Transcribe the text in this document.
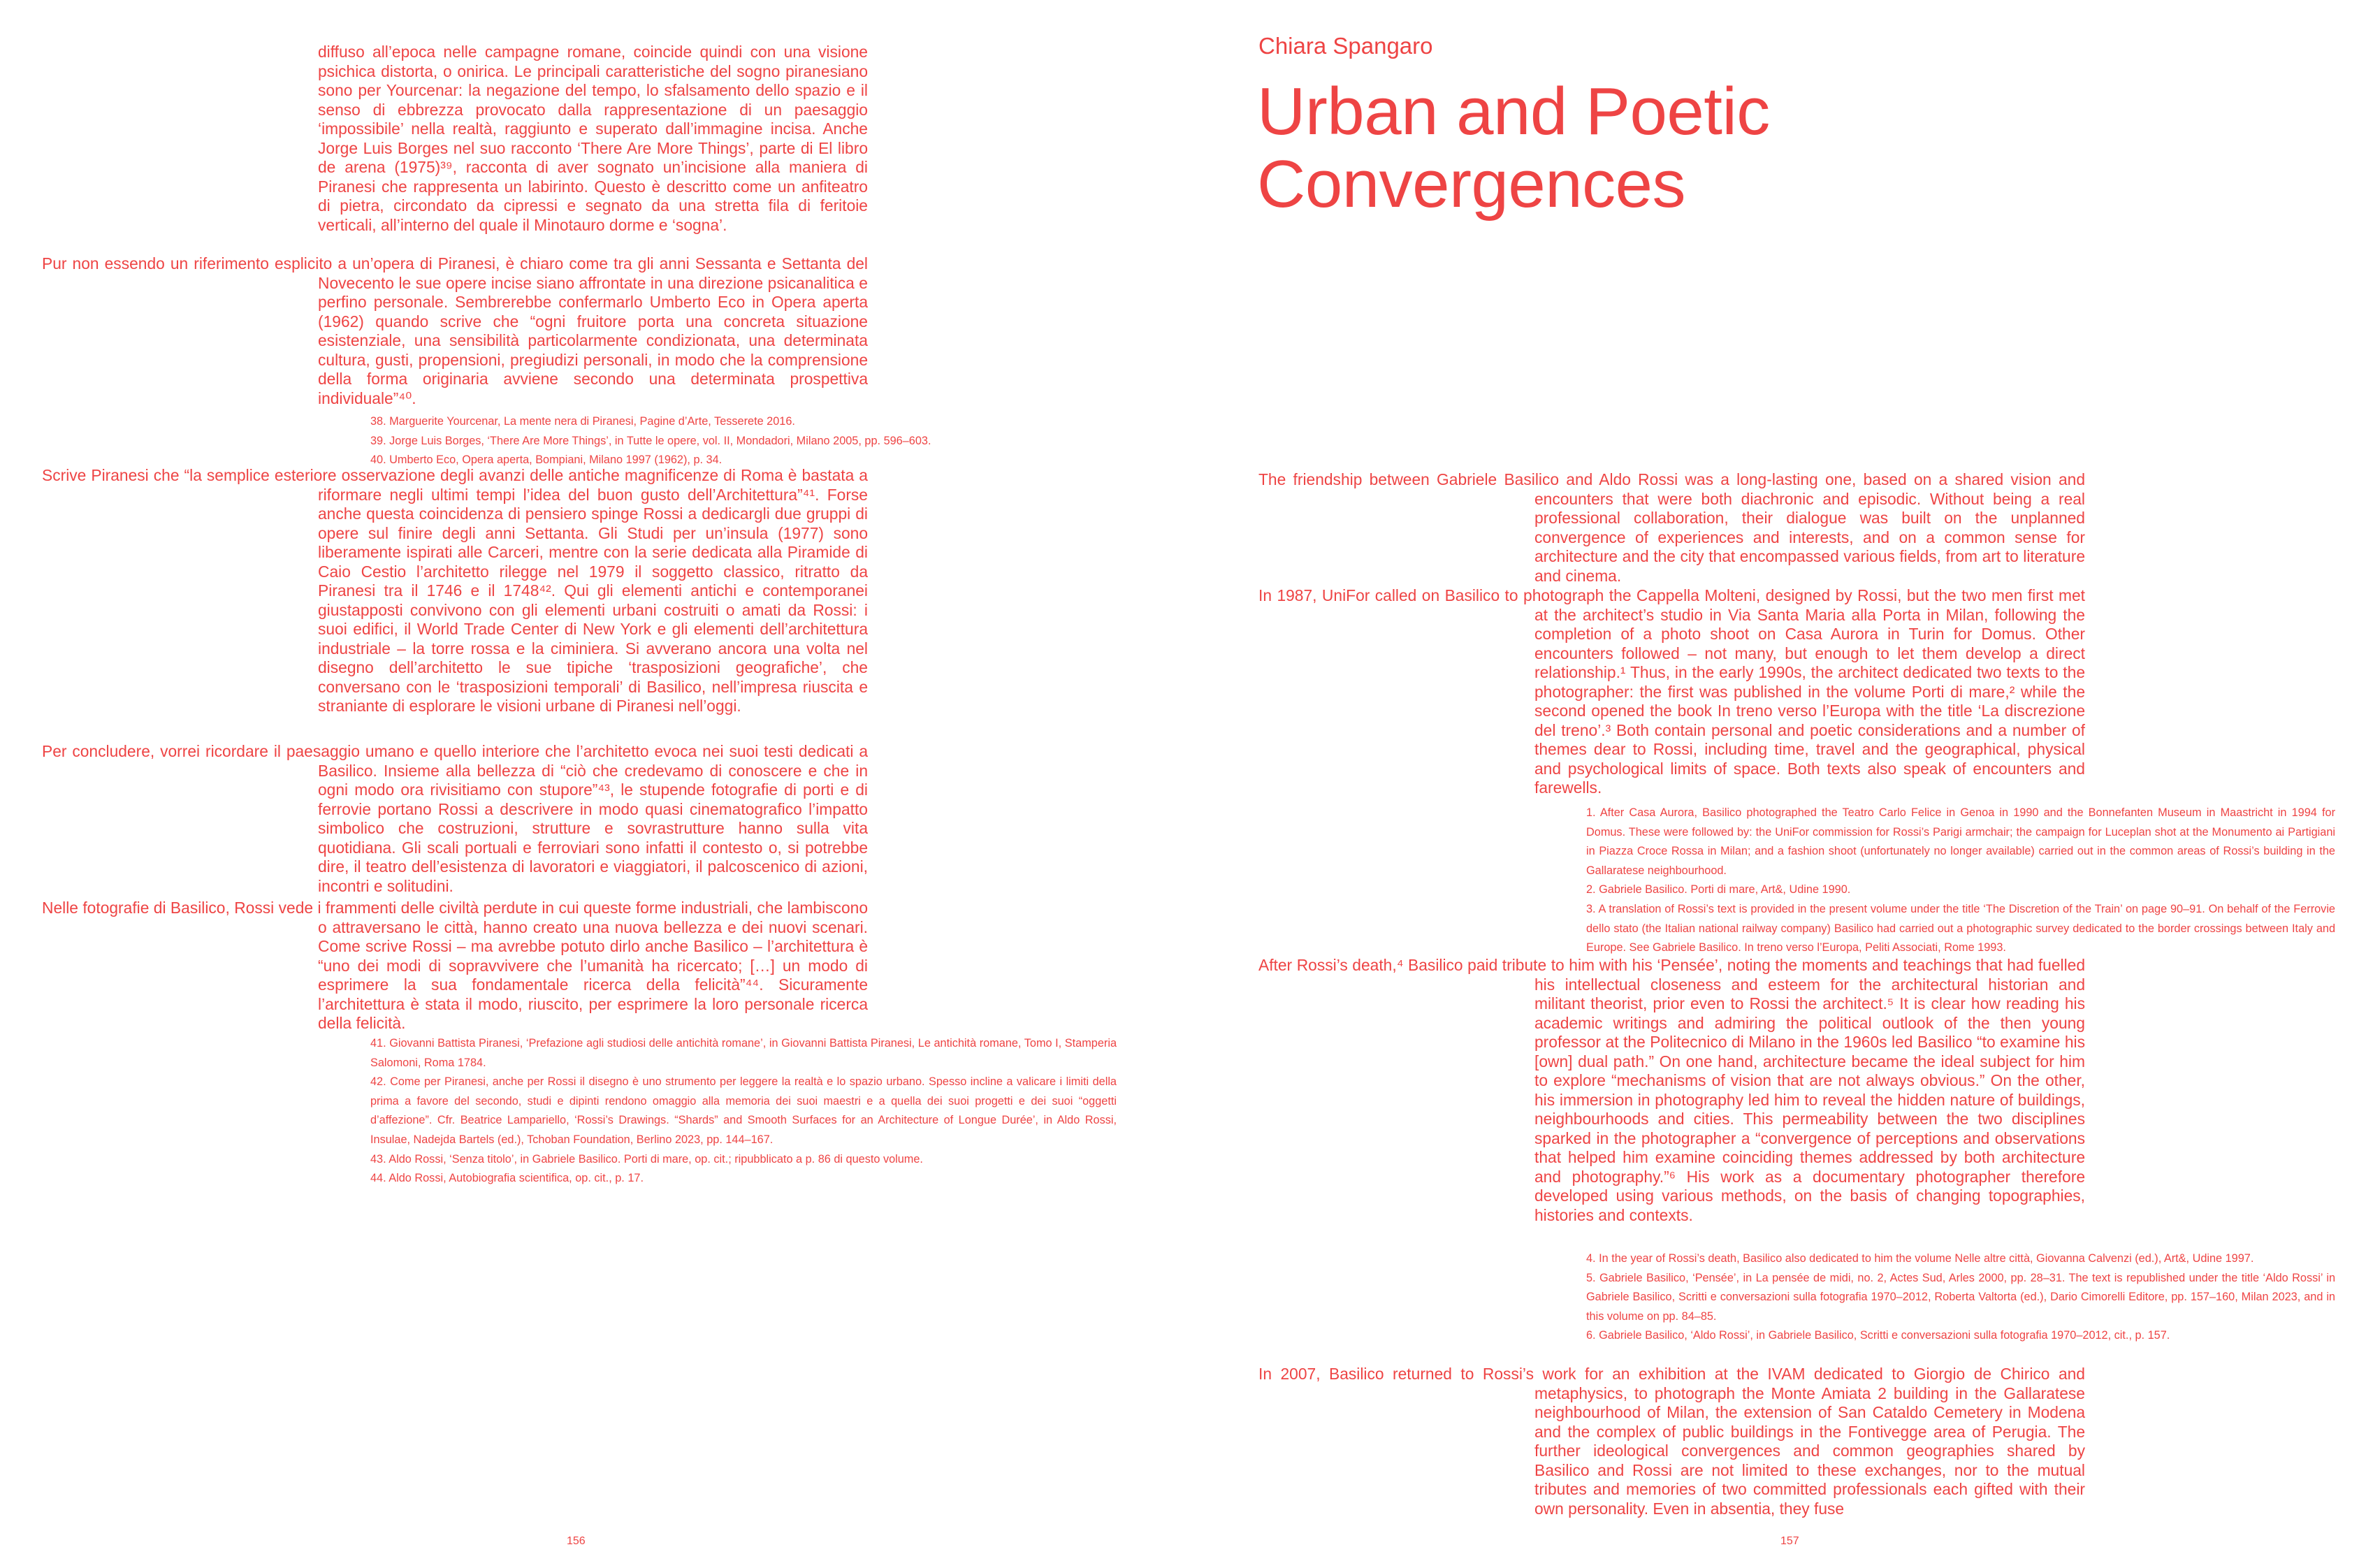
diffuso all’epoca nelle campagne romane, coincide quindi con una visione psichica distorta, o onirica. Le principali caratteristiche del sogno piranesiano sono per Yourcenar: la negazione del tempo, lo sfalsamento dello spazio e il senso di ebbrezza provocato dalla rappresentazione di un paesaggio ‘impossibile’ nella realtà, raggiunto e superato dall’immagine incisa. Anche Jorge Luis Borges nel suo racconto ‘There Are More Things’, parte di El libro de arena (1975)³⁹, racconta di aver sognato un’incisione alla maniera di Piranesi che rappresenta un labirinto. Questo è descritto come un anfiteatro di pietra, circondato da cipressi e segnato da una stretta fila di feritoie verticali, all’interno del quale il Minotauro dorme e ‘sogna’.

Pur non essendo un riferimento esplicito a un’opera di Piranesi, è chiaro come tra gli anni Sessanta e Settanta del Novecento le sue opere incise siano affrontate in una direzione psicanalitica e perfino personale. Sembrerebbe confermarlo Umberto Eco in Opera aperta (1962) quando scrive che “ogni fruitore porta una concreta situazione esistenziale, una sensibilità particolarmente condizionata, una determinata cultura, gusti, propensioni, pregiudizi personali, in modo che la comprensione della forma originaria avviene secondo una determinata prospettiva individuale”⁴⁰.

38. Marguerite Yourcenar, La mente nera di Piranesi, Pagine d’Arte, Tesserete 2016.

39. Jorge Luis Borges, ‘There Are More Things’, in Tutte le opere, vol. II, Mondadori, Milano 2005, pp. 596–603.

40. Umberto Eco, Opera aperta, Bompiani, Milano 1997 (1962), p. 34.

Scrive Piranesi che “la semplice esteriore osservazione degli avanzi delle antiche magnificenze di Roma è bastata a riformare negli ultimi tempi l’idea del buon gusto dell’Architettura”⁴¹. Forse anche questa coincidenza di pensiero spinge Rossi a dedicargli due gruppi di opere sul finire degli anni Settanta. Gli Studi per un’insula (1977) sono liberamente ispirati alle Carceri, mentre con la serie dedicata alla Piramide di Caio Cestio l’architetto rilegge nel 1979 il soggetto classico, ritratto da Piranesi tra il 1746 e il 1748⁴². Qui gli elementi antichi e contemporanei giustapposti convivono con gli elementi urbani costruiti o amati da Rossi: i suoi edifici, il World Trade Center di New York e gli elementi dell’architettura industriale – la torre rossa e la ciminiera. Si avverano ancora una volta nel disegno dell’architetto le sue tipiche ‘trasposizioni geografiche’, che conversano con le ‘trasposizioni temporali’ di Basilico, nell’impresa riuscita e straniante di esplorare le visioni urbane di Piranesi nell’oggi.

Per concludere, vorrei ricordare il paesaggio umano e quello interiore che l’architetto evoca nei suoi testi dedicati a Basilico. Insieme alla bellezza di “ciò che credevamo di conoscere e che in ogni modo ora rivisitiamo con stupore”⁴³, le stupende fotografie di porti e di ferrovie portano Rossi a descrivere in modo quasi cinematografico l’impatto simbolico che costruzioni, strutture e sovrastrutture hanno sulla vita quotidiana. Gli scali portuali e ferroviari sono infatti il contesto o, si potrebbe dire, il teatro dell’esistenza di lavoratori e viaggiatori, il palcoscenico di azioni, incontri e solitudini.

Nelle fotografie di Basilico, Rossi vede i frammenti delle civiltà perdute in cui queste forme industriali, che lambiscono o attraversano le città, hanno creato una nuova bellezza e dei nuovi scenari. Come scrive Rossi – ma avrebbe potuto dirlo anche Basilico – l’architettura è “uno dei modi di sopravvivere che l’umanità ha ricercato; […] un modo di esprimere la sua fondamentale ricerca della felicità”⁴⁴. Sicuramente l’architettura è stata il modo, riuscito, per esprimere la loro personale ricerca della felicità.

41. Giovanni Battista Piranesi, ‘Prefazione agli studiosi delle antichità romane’, in Giovanni Battista Piranesi, Le antichità romane, Tomo I, Stamperia Salomoni, Roma 1784.

42. Come per Piranesi, anche per Rossi il disegno è uno strumento per leggere la realtà e lo spazio urbano. Spesso incline a valicare i limiti della prima a favore del secondo, studi e dipinti rendono omaggio alla memoria dei suoi maestri e a quella dei suoi progetti e dei suoi “oggetti d’affezione”. Cfr. Beatrice Lampariello, ‘Rossi’s Drawings. “Shards” and Smooth Surfaces for an Architecture of Longue Durée’, in Aldo Rossi, Insulae, Nadejda Bartels (ed.), Tchoban Foundation, Berlino 2023, pp. 144–167.

43. Aldo Rossi, ‘Senza titolo’, in Gabriele Basilico. Porti di mare, op. cit.; ripubblicato a p. 86 di questo volume.

44. Aldo Rossi, Autobiografia scientifica, op. cit., p. 17.

156
Chiara Spangaro
Urban and Poetic Convergences

The friendship between Gabriele Basilico and Aldo Rossi was a long-lasting one, based on a shared vision and encounters that were both diachronic and episodic. Without being a real professional collaboration, their dialogue was built on the unplanned convergence of experiences and interests, and on a common sense for architecture and the city that encompassed various fields, from art to literature and cinema.

In 1987, UniFor called on Basilico to photograph the Cappella Molteni, designed by Rossi, but the two men first met at the architect’s studio in Via Santa Maria alla Porta in Milan, following the completion of a photo shoot on Casa Aurora in Turin for Domus. Other encounters followed – not many, but enough to let them develop a direct relationship.¹ Thus, in the early 1990s, the architect dedicated two texts to the photographer: the first was published in the volume Porti di mare,² while the second opened the book In treno verso l’Europa with the title ‘La discrezione del treno’.³ Both contain personal and poetic considerations and a number of themes dear to Rossi, including time, travel and the geographical, physical and psychological limits of space. Both texts also speak of encounters and farewells.

1. After Casa Aurora, Basilico photographed the Teatro Carlo Felice in Genoa in 1990 and the Bonnefanten Museum in Maastricht in 1994 for Domus. These were followed by: the UniFor commission for Rossi’s Parigi armchair; the campaign for Luceplan shot at the Monumento ai Partigiani in Piazza Croce Rossa in Milan; and a fashion shoot (unfortunately no longer available) carried out in the common areas of Rossi’s building in the Gallaratese neighbourhood.

2. Gabriele Basilico. Porti di mare, Art&, Udine 1990.

3. A translation of Rossi’s text is provided in the present volume under the title ‘The Discretion of the Train’ on page 90–91. On behalf of the Ferrovie dello stato (the Italian national railway company) Basilico had carried out a photographic survey dedicated to the border crossings between Italy and Europe. See Gabriele Basilico. In treno verso l’Europa, Peliti Associati, Rome 1993.

After Rossi’s death,⁴ Basilico paid tribute to him with his ‘Pensée’, noting the moments and teachings that had fuelled his intellectual closeness and esteem for the architectural historian and militant theorist, prior even to Rossi the architect.⁵ It is clear how reading his academic writings and admiring the political outlook of the then young professor at the Politecnico di Milano in the 1960s led Basilico “to examine his [own] dual path.” On one hand, architecture became the ideal subject for him to explore “mechanisms of vision that are not always obvious.” On the other, his immersion in photography led him to reveal the hidden nature of buildings, neighbourhoods and cities. This permeability between the two disciplines sparked in the photographer a “convergence of perceptions and observations that helped him examine coinciding themes addressed by both architecture and photography.”⁶ His work as a documentary photographer therefore developed using various methods, on the basis of changing topographies, histories and contexts.

4. In the year of Rossi’s death, Basilico also dedicated to him the volume Nelle altre città, Giovanna Calvenzi (ed.), Art&, Udine 1997.

5. Gabriele Basilico, ‘Pensée’, in La pensée de midi, no. 2, Actes Sud, Arles 2000, pp. 28–31. The text is republished under the title ‘Aldo Rossi’ in Gabriele Basilico, Scritti e conversazioni sulla fotografia 1970–2012, Roberta Valtorta (ed.), Dario Cimorelli Editore, pp. 157–160, Milan 2023, and in this volume on pp. 84–85.

6. Gabriele Basilico, ‘Aldo Rossi’, in Gabriele Basilico, Scritti e conversazioni sulla fotografia 1970–2012, cit., p. 157.

In 2007, Basilico returned to Rossi’s work for an exhibition at the IVAM dedicated to Giorgio de Chirico and metaphysics, to photograph the Monte Amiata 2 building in the Gallaratese neighbourhood of Milan, the extension of San Cataldo Cemetery in Modena and the complex of public buildings in the Fontivegge area of Perugia. The further ideological convergences and common geographies shared by Basilico and Rossi are not limited to these exchanges, nor to the mutual tributes and memories of two committed professionals each gifted with their own personality. Even in absentia, they fuse

157
